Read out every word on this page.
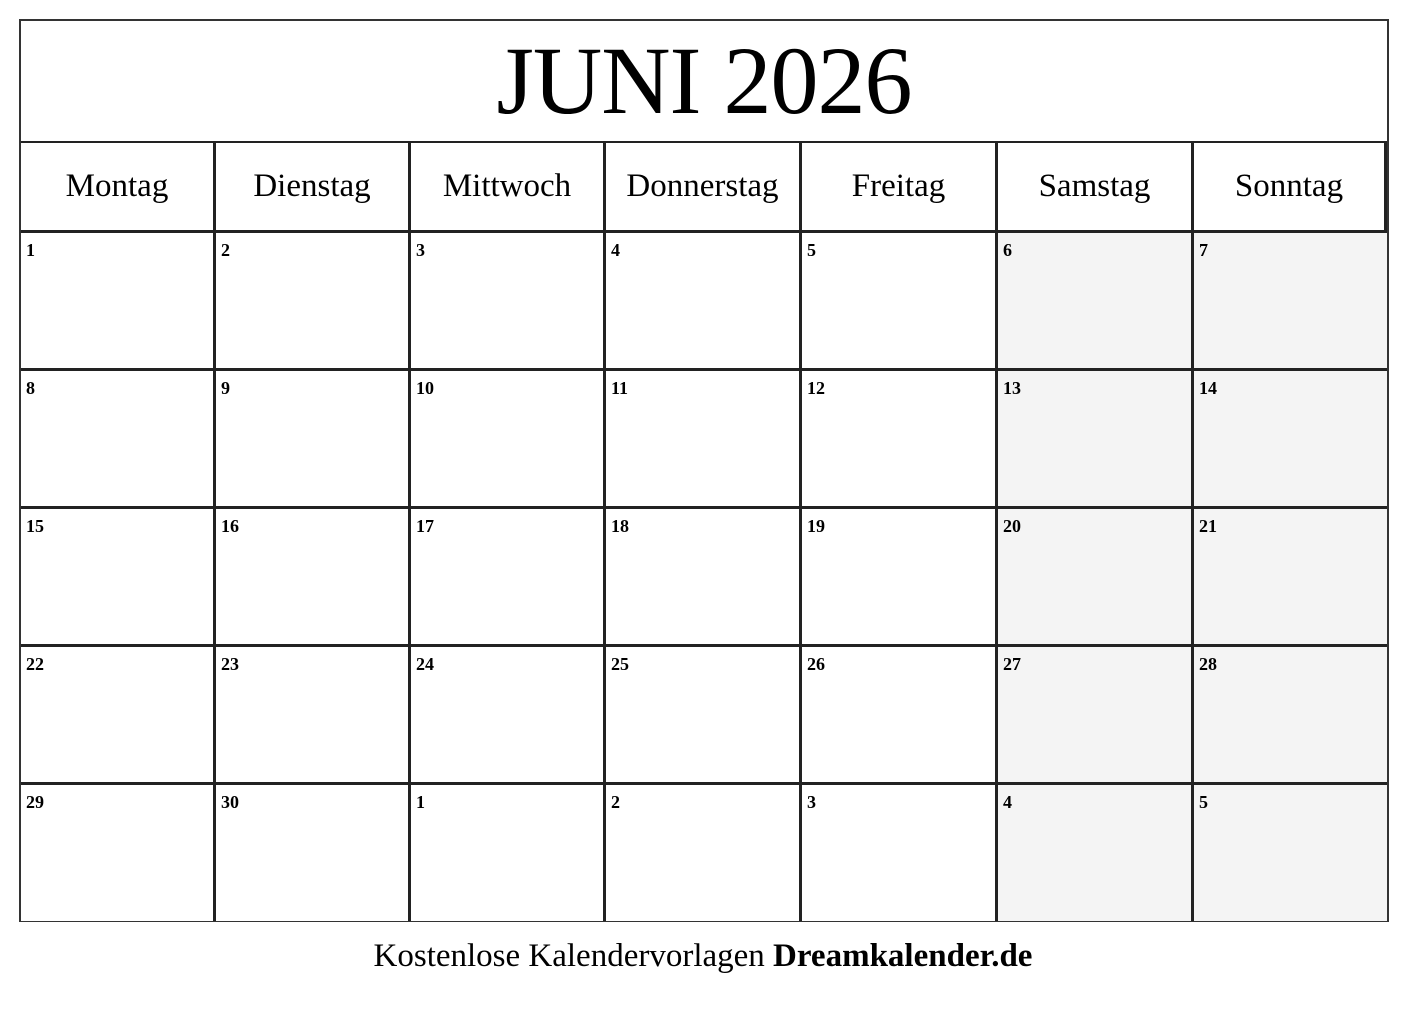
JUNI 2026
Montag	Dienstag	Mittwoch	Donnerstag	Freitag	Samstag	Sonntag
1	2	3	4	5	6	7
8	9	10	11	12	13	14
15	16	17	18	19	20	21
22	23	24	25	26	27	28
29	30	1	2	3	4	5
Kostenlose Kalendervorlagen Dreamkalender.de
